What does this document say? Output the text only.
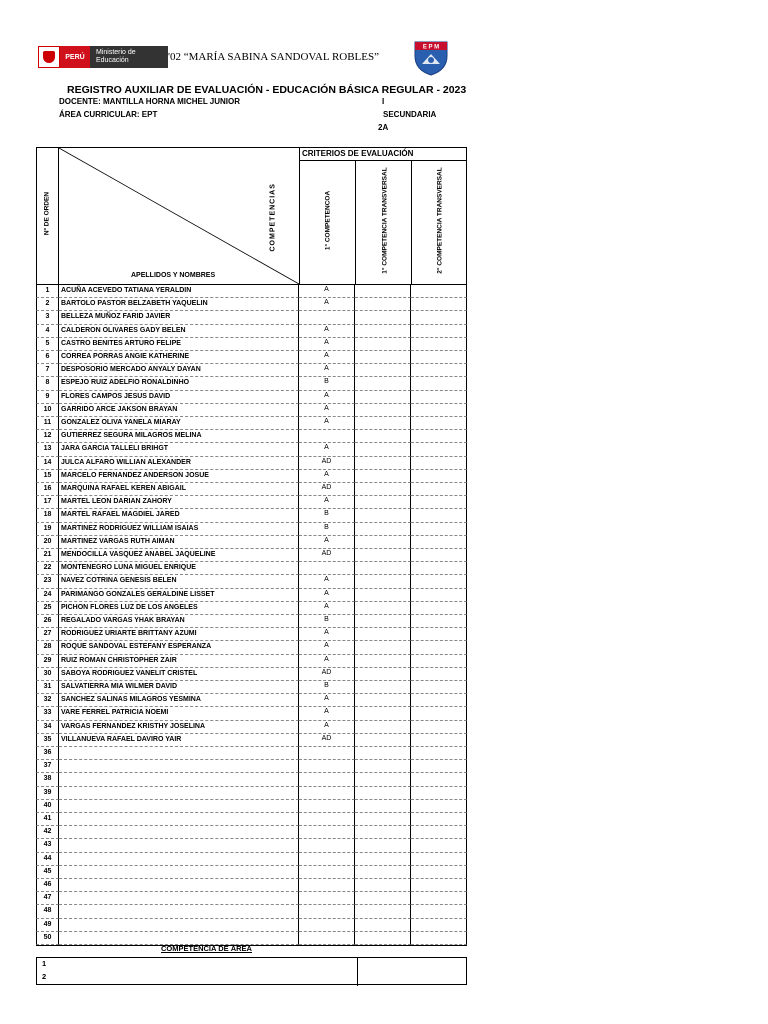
PERÚ
Ministerio de Educación	'02 “MARÍA SABINA SANDOVAL ROBLES”
E P M
REGISTRO AUXILIAR DE EVALUACIÓN - EDUCACIÓN BÁSICA REGULAR - 2023
DOCENTE: MANTILLA HORNA MICHEL JUNIOR	I
ÁREA CURRICULAR: EPT	SECUNDARIA
2A
Nº DE ORDEN	COMPETENCIAS
APELLIDOS Y NOMBRES
CRITERIOS DE EVALUACIÓN
1° COMPETENCOA	1° COMPETENCIA TRANSVERSAL	2° COMPETENCIA TRANSVERSAL
1	ACUÑA ACEVEDO TATIANA YERALDIN	A
2	BARTOLO PASTOR BELZABETH YAQUELIN	A
3	BELLEZA MUÑOZ FARID JAVIER
4	CALDERON OLIVARES GADY BELEN	A
5	CASTRO BENITES ARTURO FELIPE	A
6	CORREA PORRAS ANGIE KATHERINE	A
7	DESPOSORIO MERCADO ANYALY DAYAN	A
8	ESPEJO RUIZ ADELFIO RONALDINHO	B
9	FLORES CAMPOS JESUS DAVID	A
10	GARRIDO ARCE JAKSON BRAYAN	A
11	GONZALEZ OLIVA YANELA MIARAY	A
12	GUTIERREZ SEGURA MILAGROS MELINA
13	JARA GARCIA TALLELI BRIHGT	A
14	JULCA ALFARO WILLIAN ALEXANDER	AD
15	MARCELO FERNANDEZ ANDERSON JOSUE	A
16	MARQUINA RAFAEL KEREN ABIGAIL	AD
17	MARTEL LEON DARIAN ZAHORY	A
18	MARTEL RAFAEL MAGDIEL JARED	B
19	MARTINEZ RODRIGUEZ WILLIAM ISAIAS	B
20	MARTINEZ VARGAS RUTH AIMAN	A
21	MENDOCILLA VASQUEZ ANABEL JAQUELINE	AD
22	MONTENEGRO LUNA MIGUEL ENRIQUE
23	NAVEZ COTRINA GENESIS BELEN	A
24	PARIMANGO GONZALES GERALDINE LISSET	A
25	PICHON FLORES LUZ DE LOS ANGELES	A
26	REGALADO VARGAS YHAK BRAYAN	B
27	RODRIGUEZ URIARTE BRITTANY AZUMI	A
28	ROQUE SANDOVAL ESTEFANY ESPERANZA	A
29	RUIZ ROMAN CHRISTOPHER ZAIR	A
30	SABOYA RODRIGUEZ VANELIT CRISTEL	AD
31	SALVATIERRA MIA WILMER DAVID	B
32	SANCHEZ SALINAS MILAGROS YESMINA	A
33	VARE FERREL PATRICIA NOEMI	A
34	VARGAS FERNANDEZ KRISTHY JOSELINA	A
35	VILLANUEVA RAFAEL DAVIRO YAIR	AD
36
37
38
39
40
41
42
43
44
45
46
47
48
49
50
COMPETENCIA DE ÁREA
1
2
